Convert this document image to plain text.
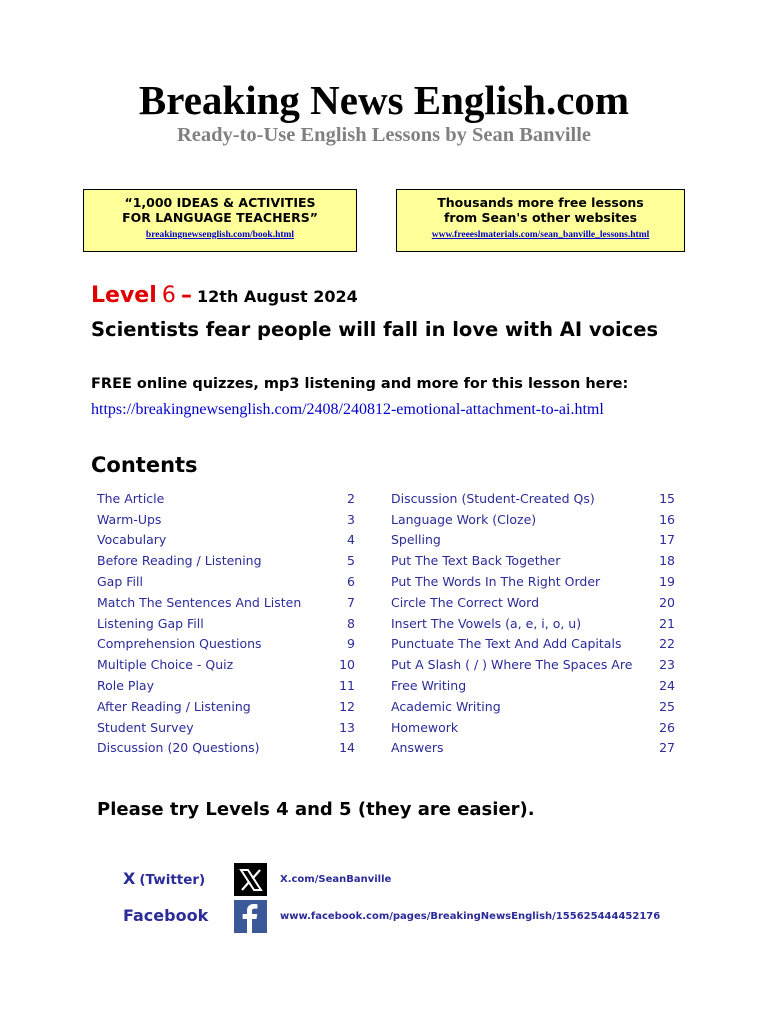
Breaking News English.com
Ready-to-Use English Lessons by Sean Banville
“1,000 IDEAS & ACTIVITIES
FOR LANGUAGE TEACHERS”
breakingnewsenglish.com/book.html
Thousands more free lessons
from Sean's other websites
www.freeeslmaterials.com/sean_banville_lessons.html
Level 6 – 12th August 2024
Scientists fear people will fall in love with AI voices
FREE online quizzes, mp3 listening and more for this lesson here:
https://breakingnewsenglish.com/2408/240812-emotional-attachment-to-ai.html
Contents
The Article	2
Warm-Ups	3
Vocabulary	4
Before Reading / Listening	5
Gap Fill	6
Match The Sentences And Listen	7
Listening Gap Fill	8
Comprehension Questions	9
Multiple Choice - Quiz	10
Role Play	11
After Reading / Listening	12
Student Survey	13
Discussion (20 Questions)	14
Discussion (Student-Created Qs)	15
Language Work (Cloze)	16
Spelling	17
Put The Text Back Together	18
Put The Words In The Right Order	19
Circle The Correct Word	20
Insert The Vowels (a, e, i, o, u)	21
Punctuate The Text And Add Capitals	22
Put A Slash ( / ) Where The Spaces Are 23
Free Writing	24
Academic Writing	25
Homework	26
Answers	27
Please try Levels 4 and 5 (they are easier).
X (Twitter)	X.com/SeanBanville
Facebook	www.facebook.com/pages/BreakingNewsEnglish/155625444452176
